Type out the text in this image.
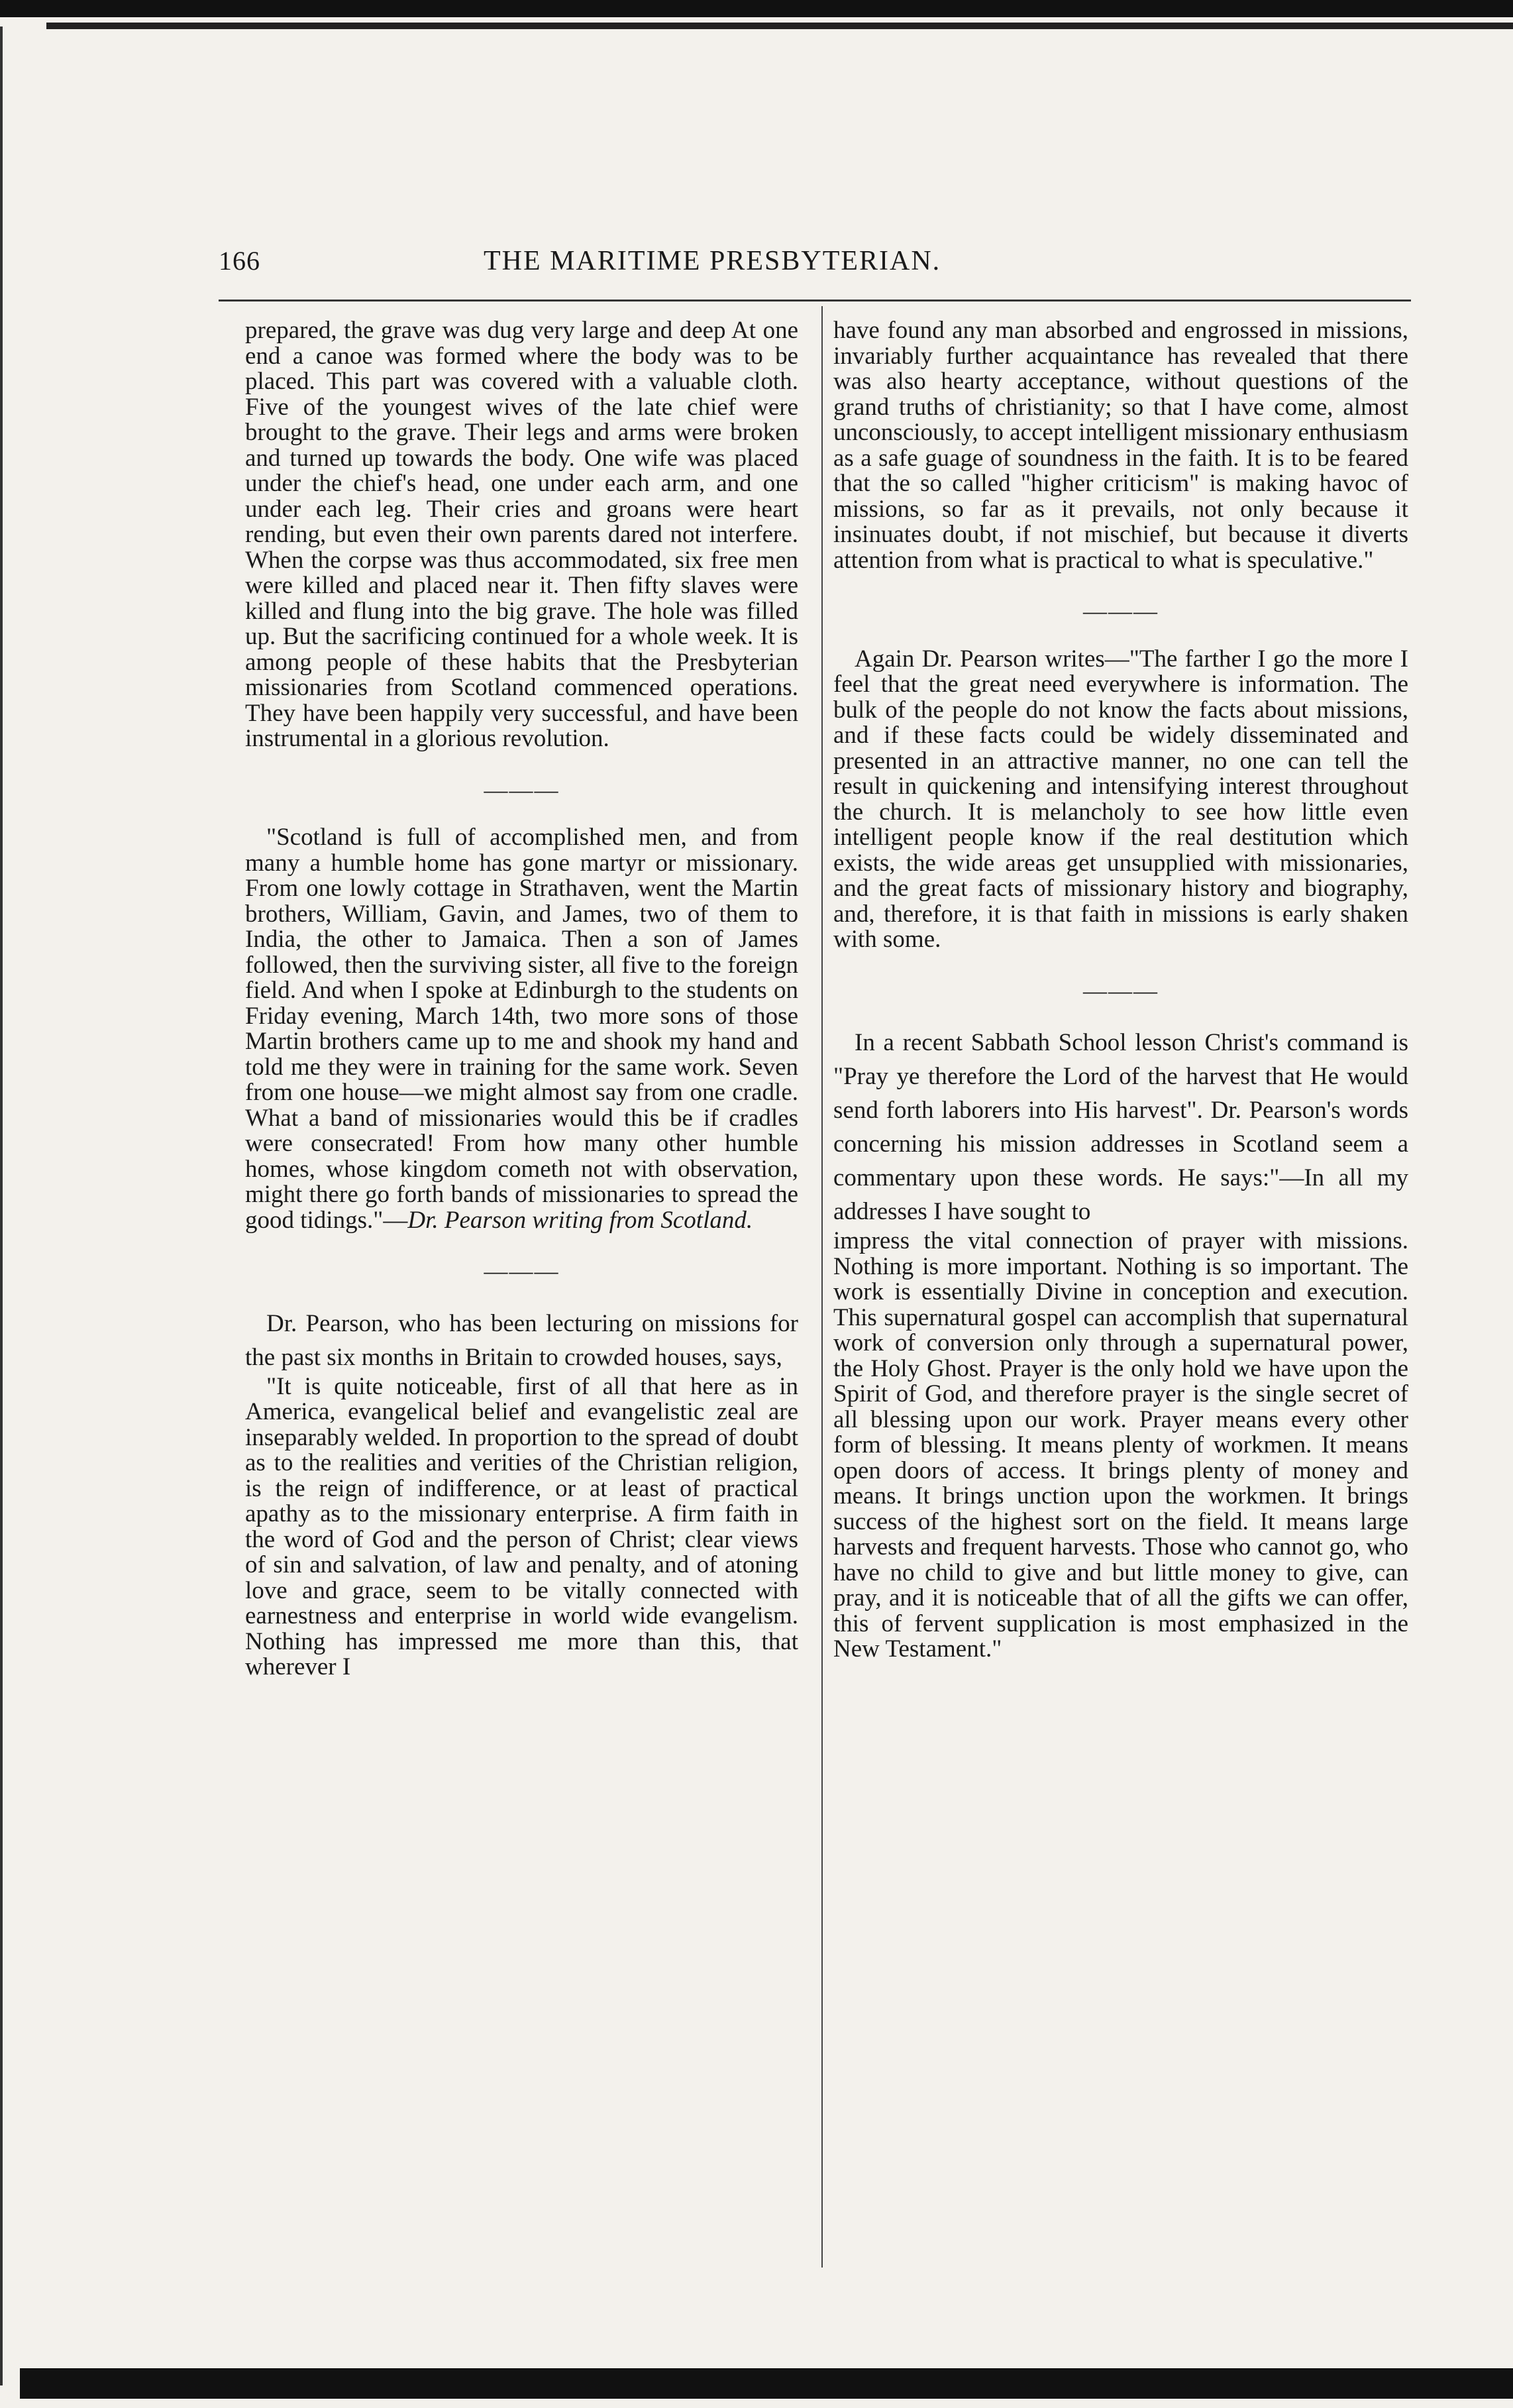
166	THE MARITIME PRESBYTERIAN.

prepared, the grave was dug very large and deep At one end a canoe was formed where the body was to be placed. This part was covered with a valuable cloth. Five of the youngest wives of the late chief were brought to the grave. Their legs and arms were broken and turned up towards the body. One wife was placed under the chief's head, one under each arm, and one under each leg. Their cries and groans were heart rending, but even their own parents dared not interfere. When the corpse was thus accommodated, six free men were killed and placed near it. Then fifty slaves were killed and flung into the big grave. The hole was filled up. But the sacrificing continued for a whole week. It is among people of these habits that the Presbyterian missionaries from Scotland commenced operations. They have been happily very successful, and have been instrumental in a glorious revolution.

———

"Scotland is full of accomplished men, and from many a humble home has gone martyr or missionary. From one lowly cottage in Strathaven, went the Martin brothers, William, Gavin, and James, two of them to India, the other to Jamaica. Then a son of James followed, then the surviving sister, all five to the foreign field. And when I spoke at Edinburgh to the students on Friday evening, March 14th, two more sons of those Martin brothers came up to me and shook my hand and told me they were in training for the same work. Seven from one house—we might almost say from one cradle. What a band of missionaries would this be if cradles were consecrated! From how many other humble homes, whose kingdom cometh not with observation, might there go forth bands of missionaries to spread the good tidings."—Dr. Pearson writing from Scotland.

———

Dr. Pearson, who has been lecturing on missions for the past six months in Britain to crowded houses, says,

"It is quite noticeable, first of all that here as in America, evangelical belief and evangelistic zeal are inseparably welded. In proportion to the spread of doubt as to the realities and verities of the Christian religion, is the reign of indifference, or at least of practical apathy as to the missionary enterprise. A firm faith in the word of God and the person of Christ; clear views of sin and salvation, of law and penalty, and of atoning love and grace, seem to be vitally connected with earnestness and enterprise in world wide evangelism. Nothing has impressed me more than this, that wherever I

have found any man absorbed and engrossed in missions, invariably further acquaintance has revealed that there was also hearty acceptance, without questions of the grand truths of christianity; so that I have come, almost unconsciously, to accept intelligent missionary enthusiasm as a safe guage of soundness in the faith. It is to be feared that the so called "higher criticism" is making havoc of missions, so far as it prevails, not only because it insinuates doubt, if not mischief, but because it diverts attention from what is practical to what is speculative."

———

Again Dr. Pearson writes—"The farther I go the more I feel that the great need everywhere is information. The bulk of the people do not know the facts about missions, and if these facts could be widely disseminated and presented in an attractive manner, no one can tell the result in quickening and intensifying interest throughout the church. It is melancholy to see how little even intelligent people know if the real destitution which exists, the wide areas get unsupplied with missionaries, and the great facts of missionary history and biography, and, therefore, it is that faith in missions is early shaken with some.

———

In a recent Sabbath School lesson Christ's command is "Pray ye therefore the Lord of the harvest that He would send forth laborers into His harvest". Dr. Pearson's words concerning his mission addresses in Scotland seem a commentary upon these words. He says:"—In all my addresses I have sought to

impress the vital connection of prayer with missions. Nothing is more important. Nothing is so important. The work is essentially Divine in conception and execution. This supernatural gospel can accomplish that supernatural work of conversion only through a supernatural power, the Holy Ghost. Prayer is the only hold we have upon the Spirit of God, and therefore prayer is the single secret of all blessing upon our work. Prayer means every other form of blessing. It means plenty of workmen. It means open doors of access. It brings plenty of money and means. It brings unction upon the workmen. It brings success of the highest sort on the field. It means large harvests and frequent harvests. Those who cannot go, who have no child to give and but little money to give, can pray, and it is noticeable that of all the gifts we can offer, this of fervent supplication is most emphasized in the New Testament."
